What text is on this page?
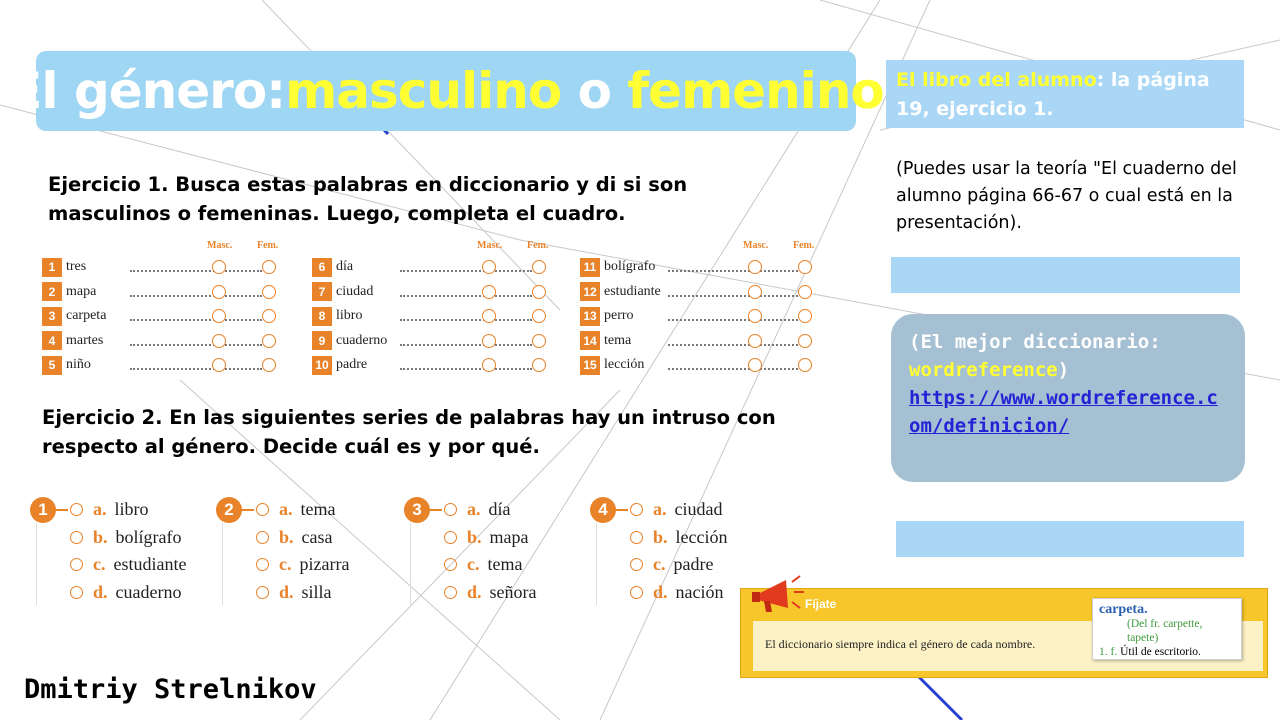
El género: masculino o femenino El libro del alumno: la página 19, ejercicio 1.
(Puedes usar la teoría "El cuaderno del alumno página 66-67 o cual está en la presentación).
(El mejor diccionario:
wordreference)
https://www.wordreference.com/definicion/
Ejercicio 1. Busca estas palabras en diccionario y di si son masculinos o femeninas. Luego, completa el cuadro.
Masc. Fem.
1 tres
2 mapa
3 carpeta
4 martes
5 niño
Masc. Fem.
6 día
7 ciudad
8 libro
9 cuaderno
10 padre
Masc. Fem.
11 bolígrafo
12 estudiante
13 perro
14 tema
15 lección
Ejercicio 2. En las siguientes series de palabras hay un intruso con respecto al género. Decide cuál es y por qué.
1	a. libro
b. bolígrafo
c. estudiante
d. cuaderno
2	a. tema
b. casa
c. pizarra
d. silla
3	a. día
b. mapa
c. tema
d. señora
4	a. ciudad
b. lección
c. padre
d. nación
Fíjate
El diccionario siempre indica el género de cada nombre.
carpeta.
(Del fr. carpette, tapete)
1. f. Útil de escritorio.
Dmitriy Strelnikov
